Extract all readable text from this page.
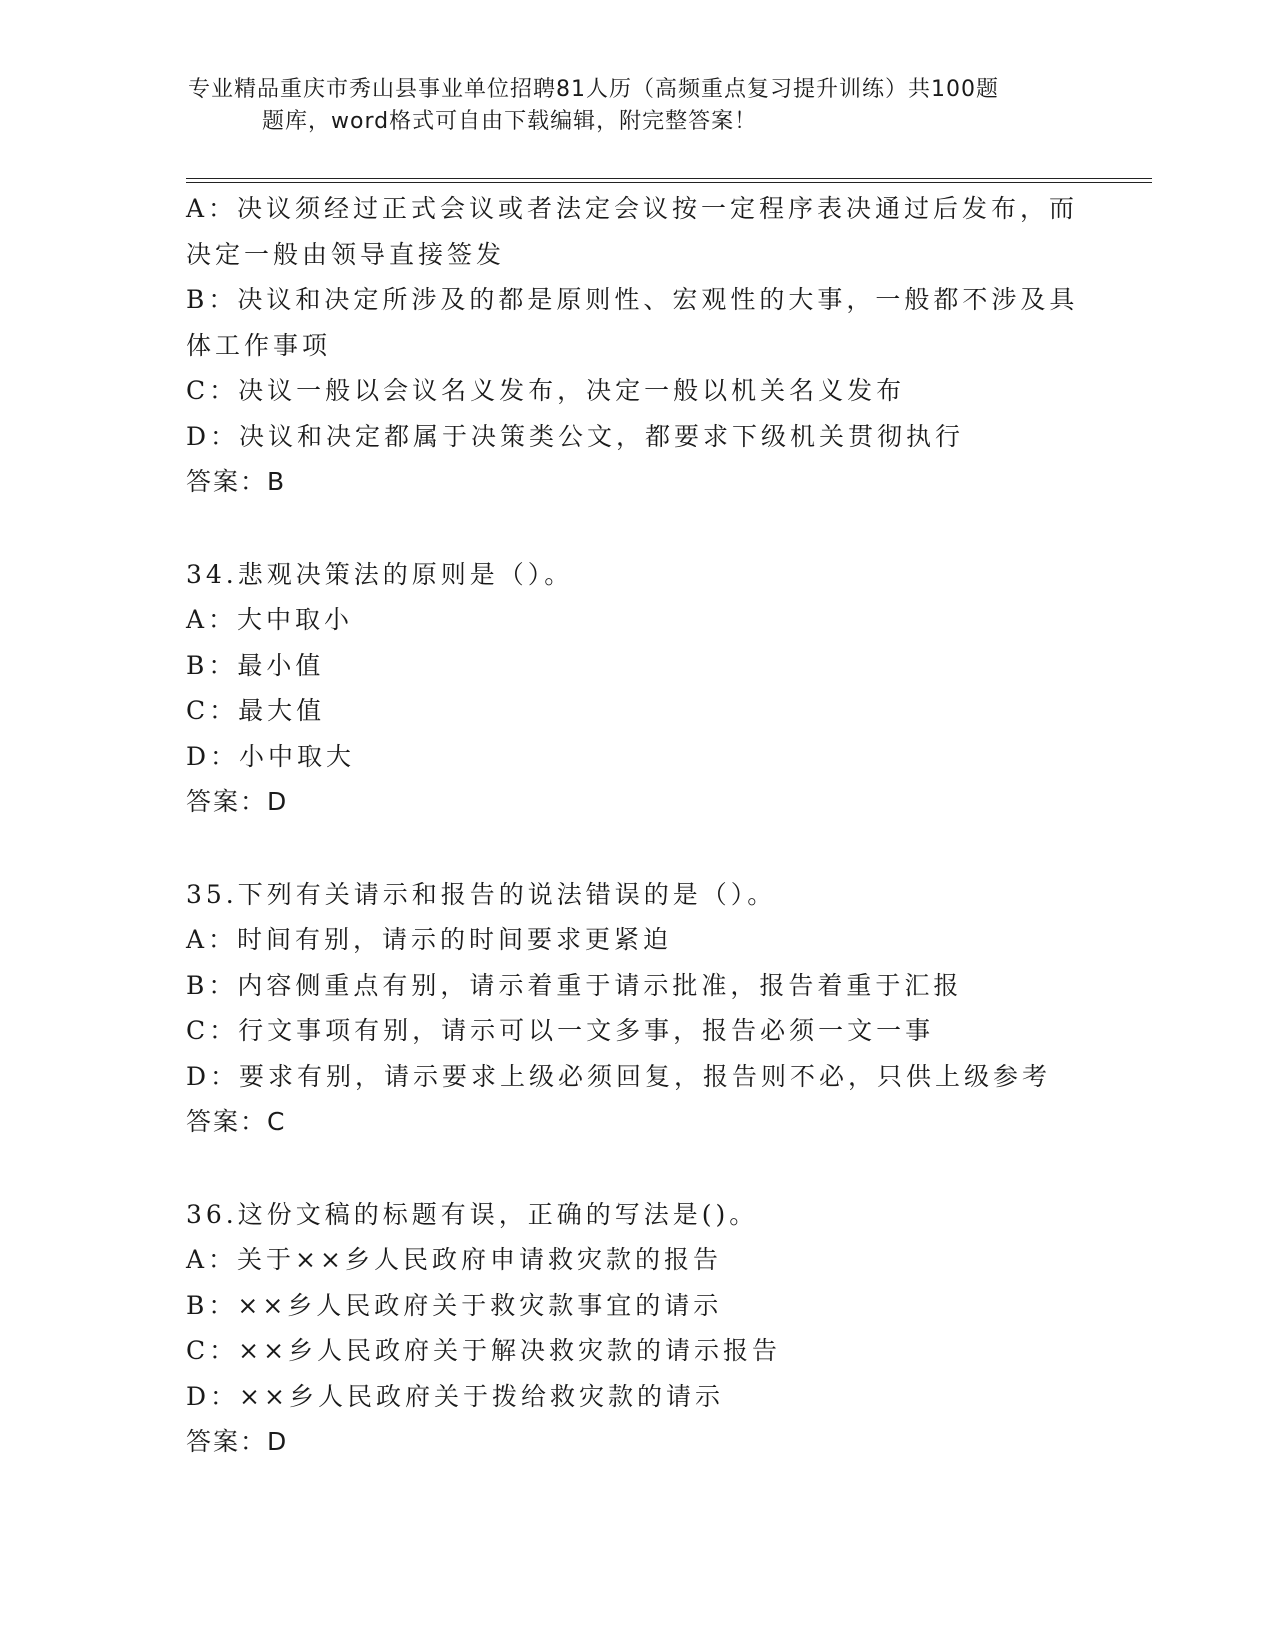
专业精品重庆市秀山县事业单位招聘81人历（高频重点复习提升训练）共100题
题库，word格式可自由下载编辑，附完整答案！
A：决议须经过正式会议或者法定会议按一定程序表决通过后发布，而
决定一般由领导直接签发
B：决议和决定所涉及的都是原则性、宏观性的大事，一般都不涉及具
体工作事项
C：决议一般以会议名义发布，决定一般以机关名义发布
D：决议和决定都属于决策类公文，都要求下级机关贯彻执行
答案：B
34.悲观决策法的原则是（）。
A：大中取小
B：最小值
C：最大值
D：小中取大
答案：D
35.下列有关请示和报告的说法错误的是（）。
A：时间有别，请示的时间要求更紧迫
B：内容侧重点有别，请示着重于请示批准，报告着重于汇报
C：行文事项有别，请示可以一文多事，报告必须一文一事
D：要求有别，请示要求上级必须回复，报告则不必，只供上级参考
答案：C
36.这份文稿的标题有误，正确的写法是()。
A：关于××乡人民政府申请救灾款的报告
B：××乡人民政府关于救灾款事宜的请示
C：××乡人民政府关于解决救灾款的请示报告
D：××乡人民政府关于拨给救灾款的请示
答案：D
